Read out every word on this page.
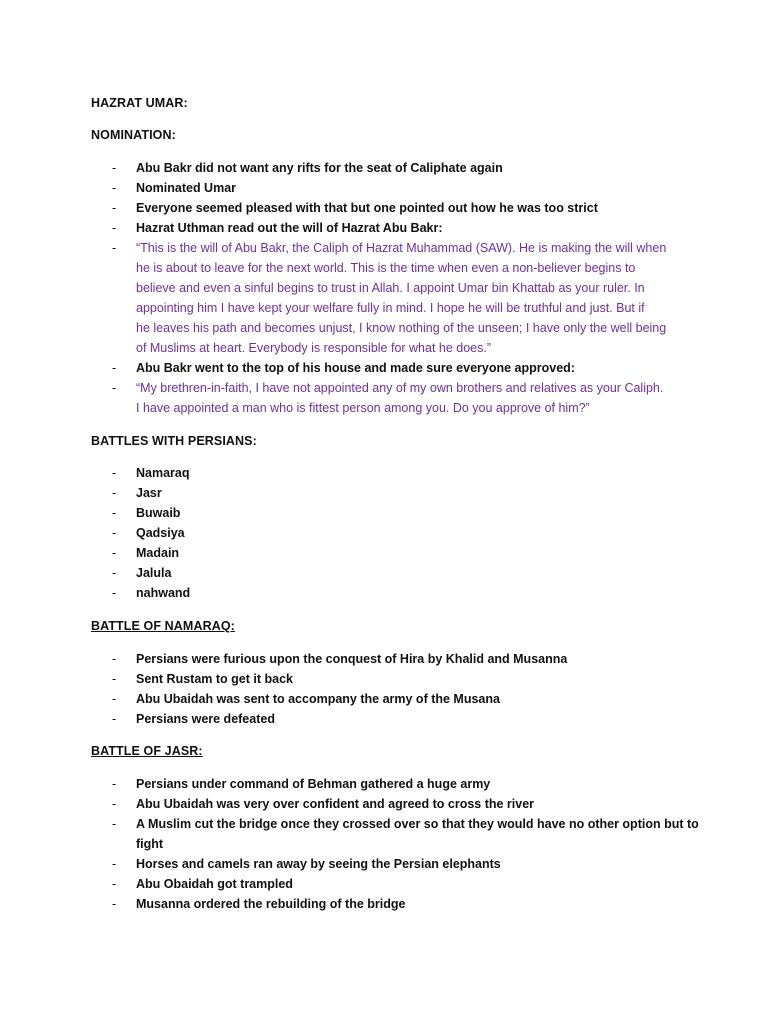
HAZRAT UMAR:
NOMINATION:
- Abu Bakr did not want any rifts for the seat of Caliphate again
- Nominated Umar
- Everyone seemed pleased with that but one pointed out how he was too strict
- Hazrat Uthman read out the will of Hazrat Abu Bakr:
- “This is the will of Abu Bakr, the Caliph of Hazrat Muhammad (SAW). He is making the will when
he is about to leave for the next world. This is the time when even a non-believer begins to
believe and even a sinful begins to trust in Allah. I appoint Umar bin Khattab as your ruler. In
appointing him I have kept your welfare fully in mind. I hope he will be truthful and just. But if
he leaves his path and becomes unjust, I know nothing of the unseen; I have only the well being
of Muslims at heart. Everybody is responsible for what he does.”
- Abu Bakr went to the top of his house and made sure everyone approved:
- “My brethren-in-faith, I have not appointed any of my own brothers and relatives as your Caliph.
I have appointed a man who is fittest person among you. Do you approve of him?”
BATTLES WITH PERSIANS:
- Namaraq
- Jasr
- Buwaib
- Qadsiya
- Madain
- Jalula
- nahwand
BATTLE OF NAMARAQ:
- Persians were furious upon the conquest of Hira by Khalid and Musanna
- Sent Rustam to get it back
- Abu Ubaidah was sent to accompany the army of the Musana
- Persians were defeated
BATTLE OF JASR:
- Persians under command of Behman gathered a huge army
- Abu Ubaidah was very over confident and agreed to cross the river
- A Muslim cut the bridge once they crossed over so that they would have no other option but to
fight
- Horses and camels ran away by seeing the Persian elephants
- Abu Obaidah got trampled
- Musanna ordered the rebuilding of the bridge
